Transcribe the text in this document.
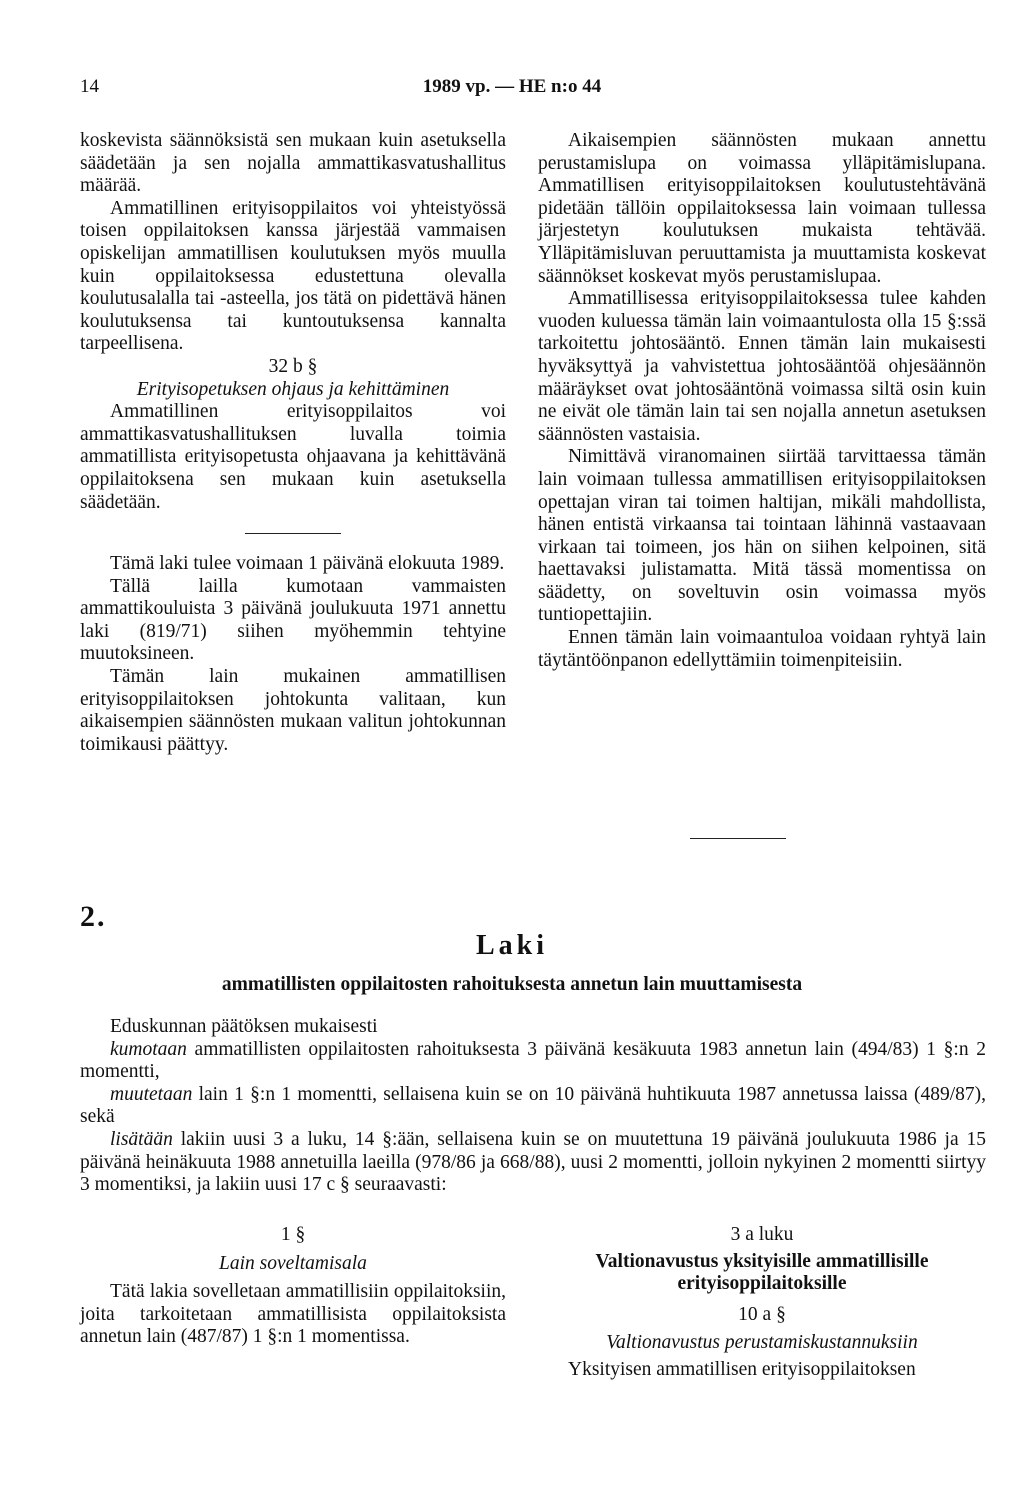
14	1989 vp. — HE n:o 44

koskevista säännöksistä sen mukaan kuin asetuksella säädetään ja sen nojalla ammattikasvatushallitus määrää.

Ammatillinen erityisoppilaitos voi yhteistyössä toisen oppilaitoksen kanssa järjestää vammaisen opiskelijan ammatillisen koulutuksen myös muulla kuin oppilaitoksessa edustettuna olevalla koulutusalalla tai -asteella, jos tätä on pidettävä hänen koulutuksensa tai kuntoutuksensa kannalta tarpeellisena.

32 b §

Erityisopetuksen ohjaus ja kehittäminen

Ammatillinen erityisoppilaitos voi ammattikasvatushallituksen luvalla toimia ammatillista erityisopetusta ohjaavana ja kehittävänä oppilaitoksena sen mukaan kuin asetuksella säädetään.

Tämä laki tulee voimaan 1 päivänä elokuuta 1989.

Tällä lailla kumotaan vammaisten ammattikouluista 3 päivänä joulukuuta 1971 annettu laki (819/71) siihen myöhemmin tehtyine muutoksineen.

Tämän lain mukainen ammatillisen erityisoppilaitoksen johtokunta valitaan, kun aikaisempien säännösten mukaan valitun johtokunnan toimikausi päättyy.

Aikaisempien säännösten mukaan annettu perustamislupa on voimassa ylläpitämislupana. Ammatillisen erityisoppilaitoksen koulutustehtävänä pidetään tällöin oppilaitoksessa lain voimaan tullessa järjestetyn koulutuksen mukaista tehtävää. Ylläpitämisluvan peruuttamista ja muuttamista koskevat säännökset koskevat myös perustamislupaa.

Ammatillisessa erityisoppilaitoksessa tulee kahden vuoden kuluessa tämän lain voimaantulosta olla 15 §:ssä tarkoitettu johtosääntö. Ennen tämän lain mukaisesti hyväksyttyä ja vahvistettua johtosääntöä ohjesäännön määräykset ovat johtosääntönä voimassa siltä osin kuin ne eivät ole tämän lain tai sen nojalla annetun asetuksen säännösten vastaisia.

Nimittävä viranomainen siirtää tarvittaessa tämän lain voimaan tullessa ammatillisen erityisoppilaitoksen opettajan viran tai toimen haltijan, mikäli mahdollista, hänen entistä virkaansa tai tointaan lähinnä vastaavaan virkaan tai toimeen, jos hän on siihen kelpoinen, sitä haettavaksi julistamatta. Mitä tässä momentissa on säädetty, on soveltuvin osin voimassa myös tuntiopettajiin.

Ennen tämän lain voimaantuloa voidaan ryhtyä lain täytäntöönpanon edellyttämiin toimenpiteisiin.

2.
Laki
ammatillisten oppilaitosten rahoituksesta annetun lain muuttamisesta

Eduskunnan päätöksen mukaisesti

kumotaan ammatillisten oppilaitosten rahoituksesta 3 päivänä kesäkuuta 1983 annetun lain (494/83) 1 §:n 2 momentti,

muutetaan lain 1 §:n 1 momentti, sellaisena kuin se on 10 päivänä huhtikuuta 1987 annetussa laissa (489/87), sekä

lisätään lakiin uusi 3 a luku, 14 §:ään, sellaisena kuin se on muutettuna 19 päivänä joulukuuta 1986 ja 15 päivänä heinäkuuta 1988 annetuilla laeilla (978/86 ja 668/88), uusi 2 momentti, jolloin nykyinen 2 momentti siirtyy 3 momentiksi, ja lakiin uusi 17 c § seuraavasti:

1 §

Lain soveltamisala

Tätä lakia sovelletaan ammatillisiin oppilaitoksiin, joita tarkoitetaan ammatillisista oppilaitoksista annetun lain (487/87) 1 §:n 1 momentissa.

3 a luku

Valtionavustus yksityisille ammatillisille erityisoppilaitoksille

10 a §

Valtionavustus perustamiskustannuksiin

Yksityisen ammatillisen erityisoppilaitoksen
